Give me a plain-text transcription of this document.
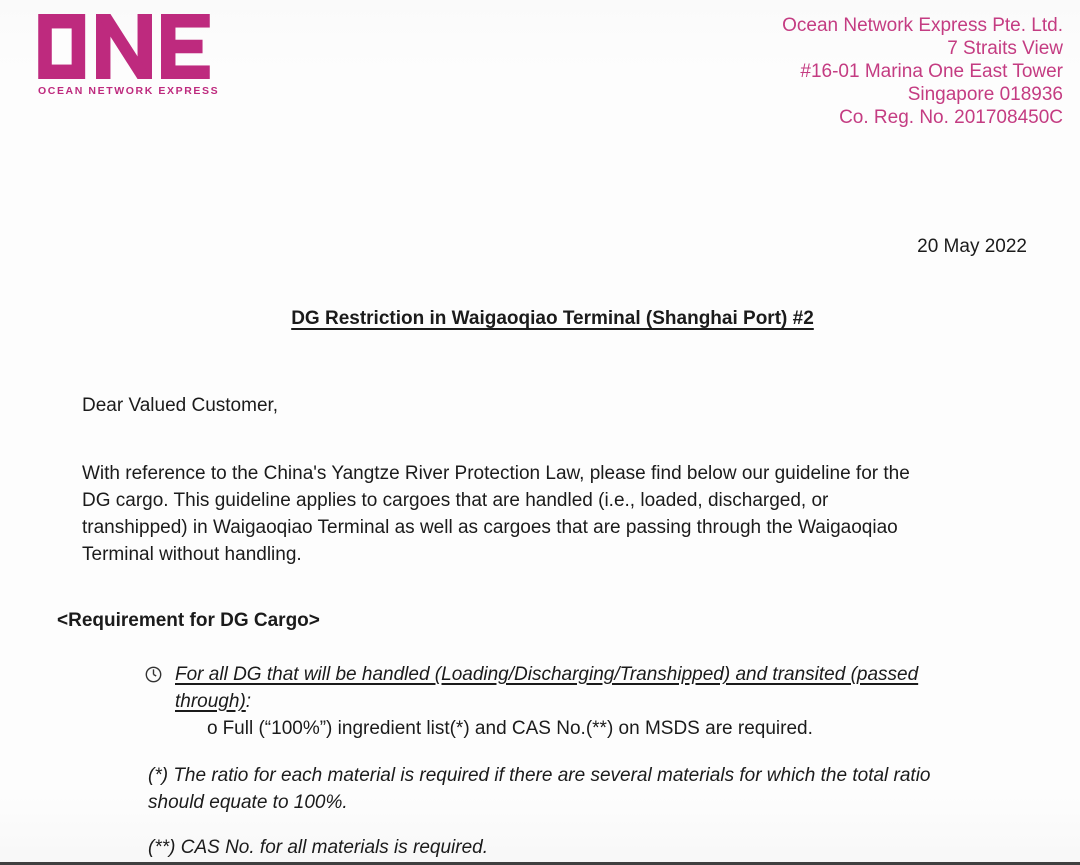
OCEAN NETWORK EXPRESS
Ocean Network Express Pte. Ltd.
7 Straits View
#16-01 Marina One East Tower
Singapore 018936
Co. Reg. No. 201708450C
20 May 2022
DG Restriction in Waigaoqiao Terminal (Shanghai Port) #2
Dear Valued Customer,
With reference to the China's Yangtze River Protection Law, please find below our guideline for the
DG cargo. This guideline applies to cargoes that are handled (i.e., loaded, discharged, or
transhipped) in Waigaoqiao Terminal as well as cargoes that are passing through the Waigaoqiao
Terminal without handling.
<Requirement for DG Cargo>
For all DG that will be handled (Loading/Discharging/Transhipped) and transited (passed
through):
o Full (“100%”) ingredient list(*) and CAS No.(**) on MSDS are required.
(*) The ratio for each material is required if there are several materials for which the total ratio
should equate to 100%.
(**) CAS No. for all materials is required.
